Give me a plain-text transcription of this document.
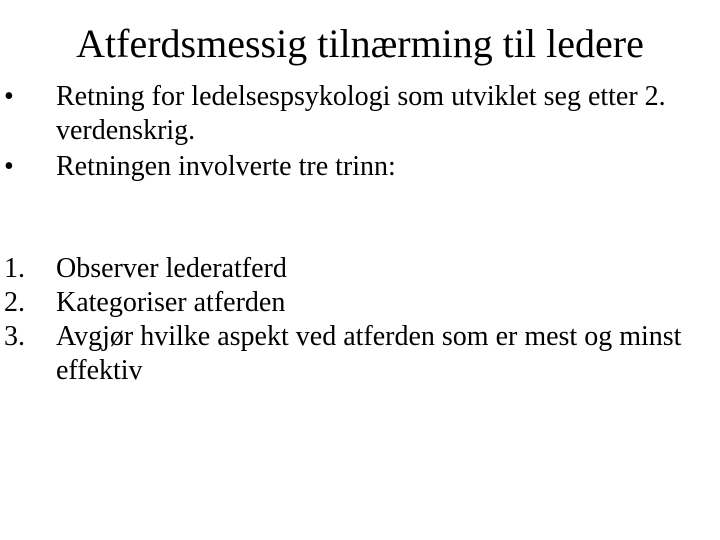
Atferdsmessig tilnærming til ledere
• Retning for ledelsespsykologi som utviklet seg etter 2. verdenskrig.
• Retningen involverte tre trinn:
1. Observer lederatferd
2. Kategoriser atferden
3. Avgjør hvilke aspekt ved atferden som er mest og minst effektiv
